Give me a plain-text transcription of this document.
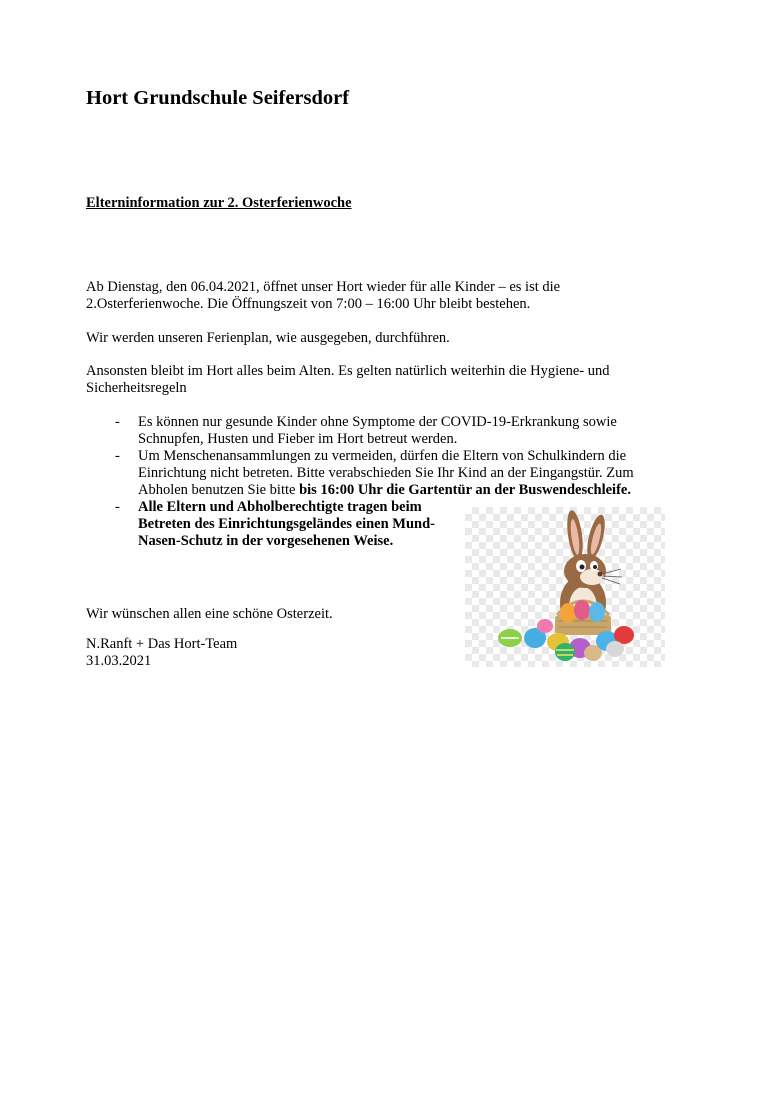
Hort Grundschule Seifersdorf
Elterninformation zur 2. Osterferienwoche

Ab Dienstag, den 06.04.2021, öffnet unser Hort wieder für alle Kinder – es ist die
2.Osterferienwoche. Die Öffnungszeit von 7:00 – 16:00 Uhr bleibt bestehen.

Wir werden unseren Ferienplan, wie ausgegeben, durchführen.

Ansonsten bleibt im Hort alles beim Alten. Es gelten natürlich weiterhin die Hygiene- und
Sicherheitsregeln

- Es können nur gesunde Kinder ohne Symptome der COVID-19-Erkrankung sowie
Schnupfen, Husten und Fieber im Hort betreut werden.
- Um Menschenansammlungen zu vermeiden, dürfen die Eltern von Schulkindern die
Einrichtung nicht betreten. Bitte verabschieden Sie Ihr Kind an der Eingangstür. Zum
Abholen benutzen Sie bitte bis 16:00 Uhr die Gartentür an der Buswendeschleife.
- Alle Eltern und Abholberechtigte tragen beim
Betreten des Einrichtungsgeländes einen Mund-
Nasen-Schutz in der vorgesehenen Weise.

Wir wünschen allen eine schöne Osterzeit.

N.Ranft + Das Hort-Team

31.03.2021
